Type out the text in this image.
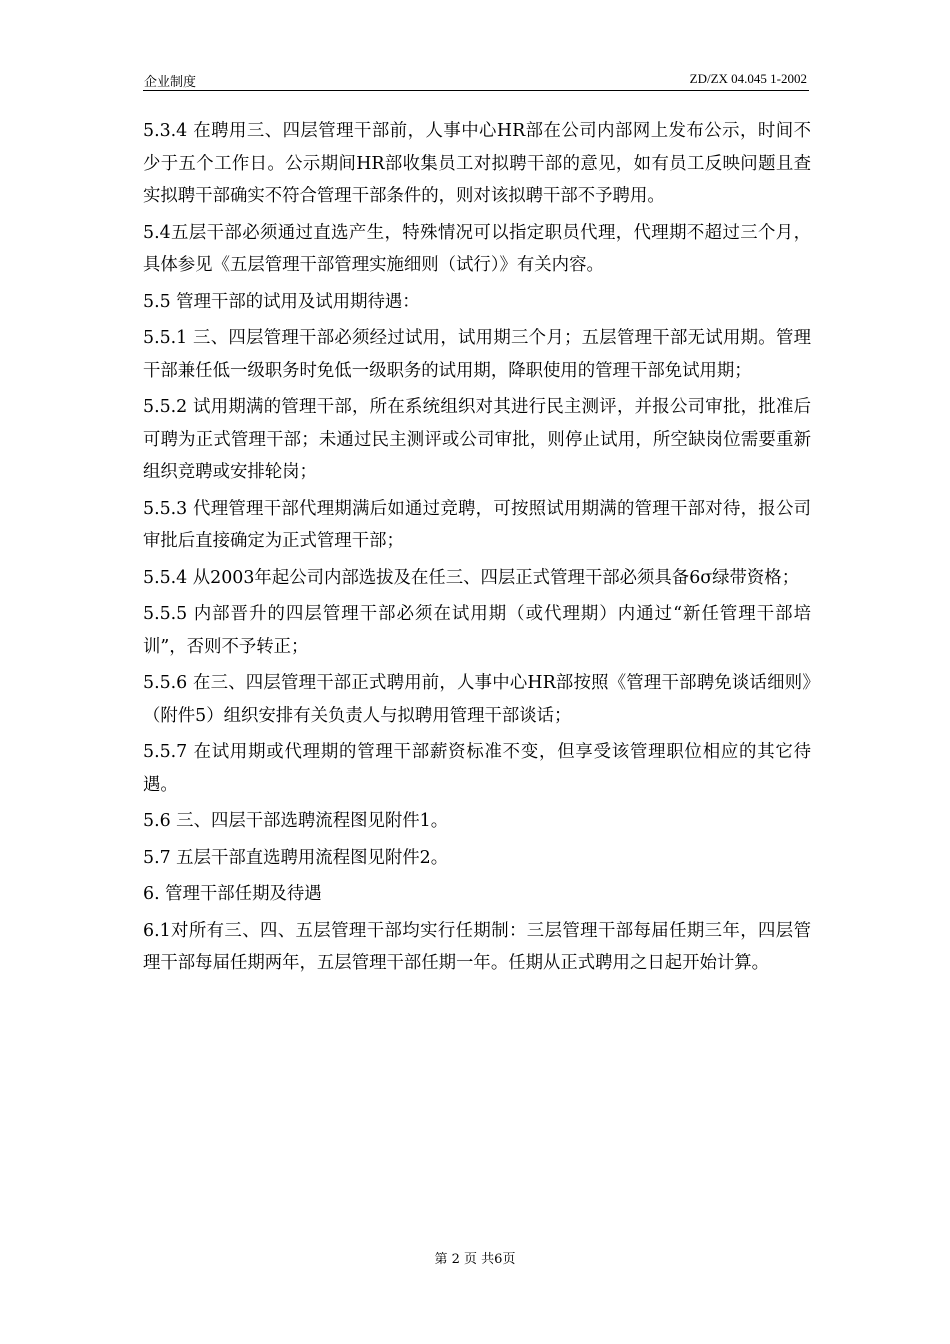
企业制度	ZD/ZX 04.045 1-2002

5.3.4 在聘用三、四层管理干部前，人事中心HR部在公司内部网上发布公示，时间不少于五个工作日。公示期间HR部收集员工对拟聘干部的意见，如有员工反映问题且查实拟聘干部确实不符合管理干部条件的，则对该拟聘干部不予聘用。

5.4五层干部必须通过直选产生，特殊情况可以指定职员代理，代理期不超过三个月，具体参见《五层管理干部管理实施细则（试行）》有关内容。

5.5 管理干部的试用及试用期待遇：

5.5.1 三、四层管理干部必须经过试用，试用期三个月；五层管理干部无试用期。管理干部兼任低一级职务时免低一级职务的试用期，降职使用的管理干部免试用期；

5.5.2 试用期满的管理干部，所在系统组织对其进行民主测评，并报公司审批，批准后可聘为正式管理干部；未通过民主测评或公司审批，则停止试用，所空缺岗位需要重新组织竞聘或安排轮岗；

5.5.3 代理管理干部代理期满后如通过竞聘，可按照试用期满的管理干部对待，报公司审批后直接确定为正式管理干部；

5.5.4 从2003年起公司内部选拔及在任三、四层正式管理干部必须具备6σ绿带资格；

5.5.5 内部晋升的四层管理干部必须在试用期（或代理期）内通过“新任管理干部培训”，否则不予转正；

5.5.6 在三、四层管理干部正式聘用前，人事中心HR部按照《管理干部聘免谈话细则》（附件5）组织安排有关负责人与拟聘用管理干部谈话；

5.5.7 在试用期或代理期的管理干部薪资标准不变，但享受该管理职位相应的其它待遇。

5.6 三、四层干部选聘流程图见附件1。

5.7 五层干部直选聘用流程图见附件2。

6. 管理干部任期及待遇

6.1对所有三、四、五层管理干部均实行任期制：三层管理干部每届任期三年，四层管理干部每届任期两年，五层管理干部任期一年。任期从正式聘用之日起开始计算。

第 2 页 共6页
